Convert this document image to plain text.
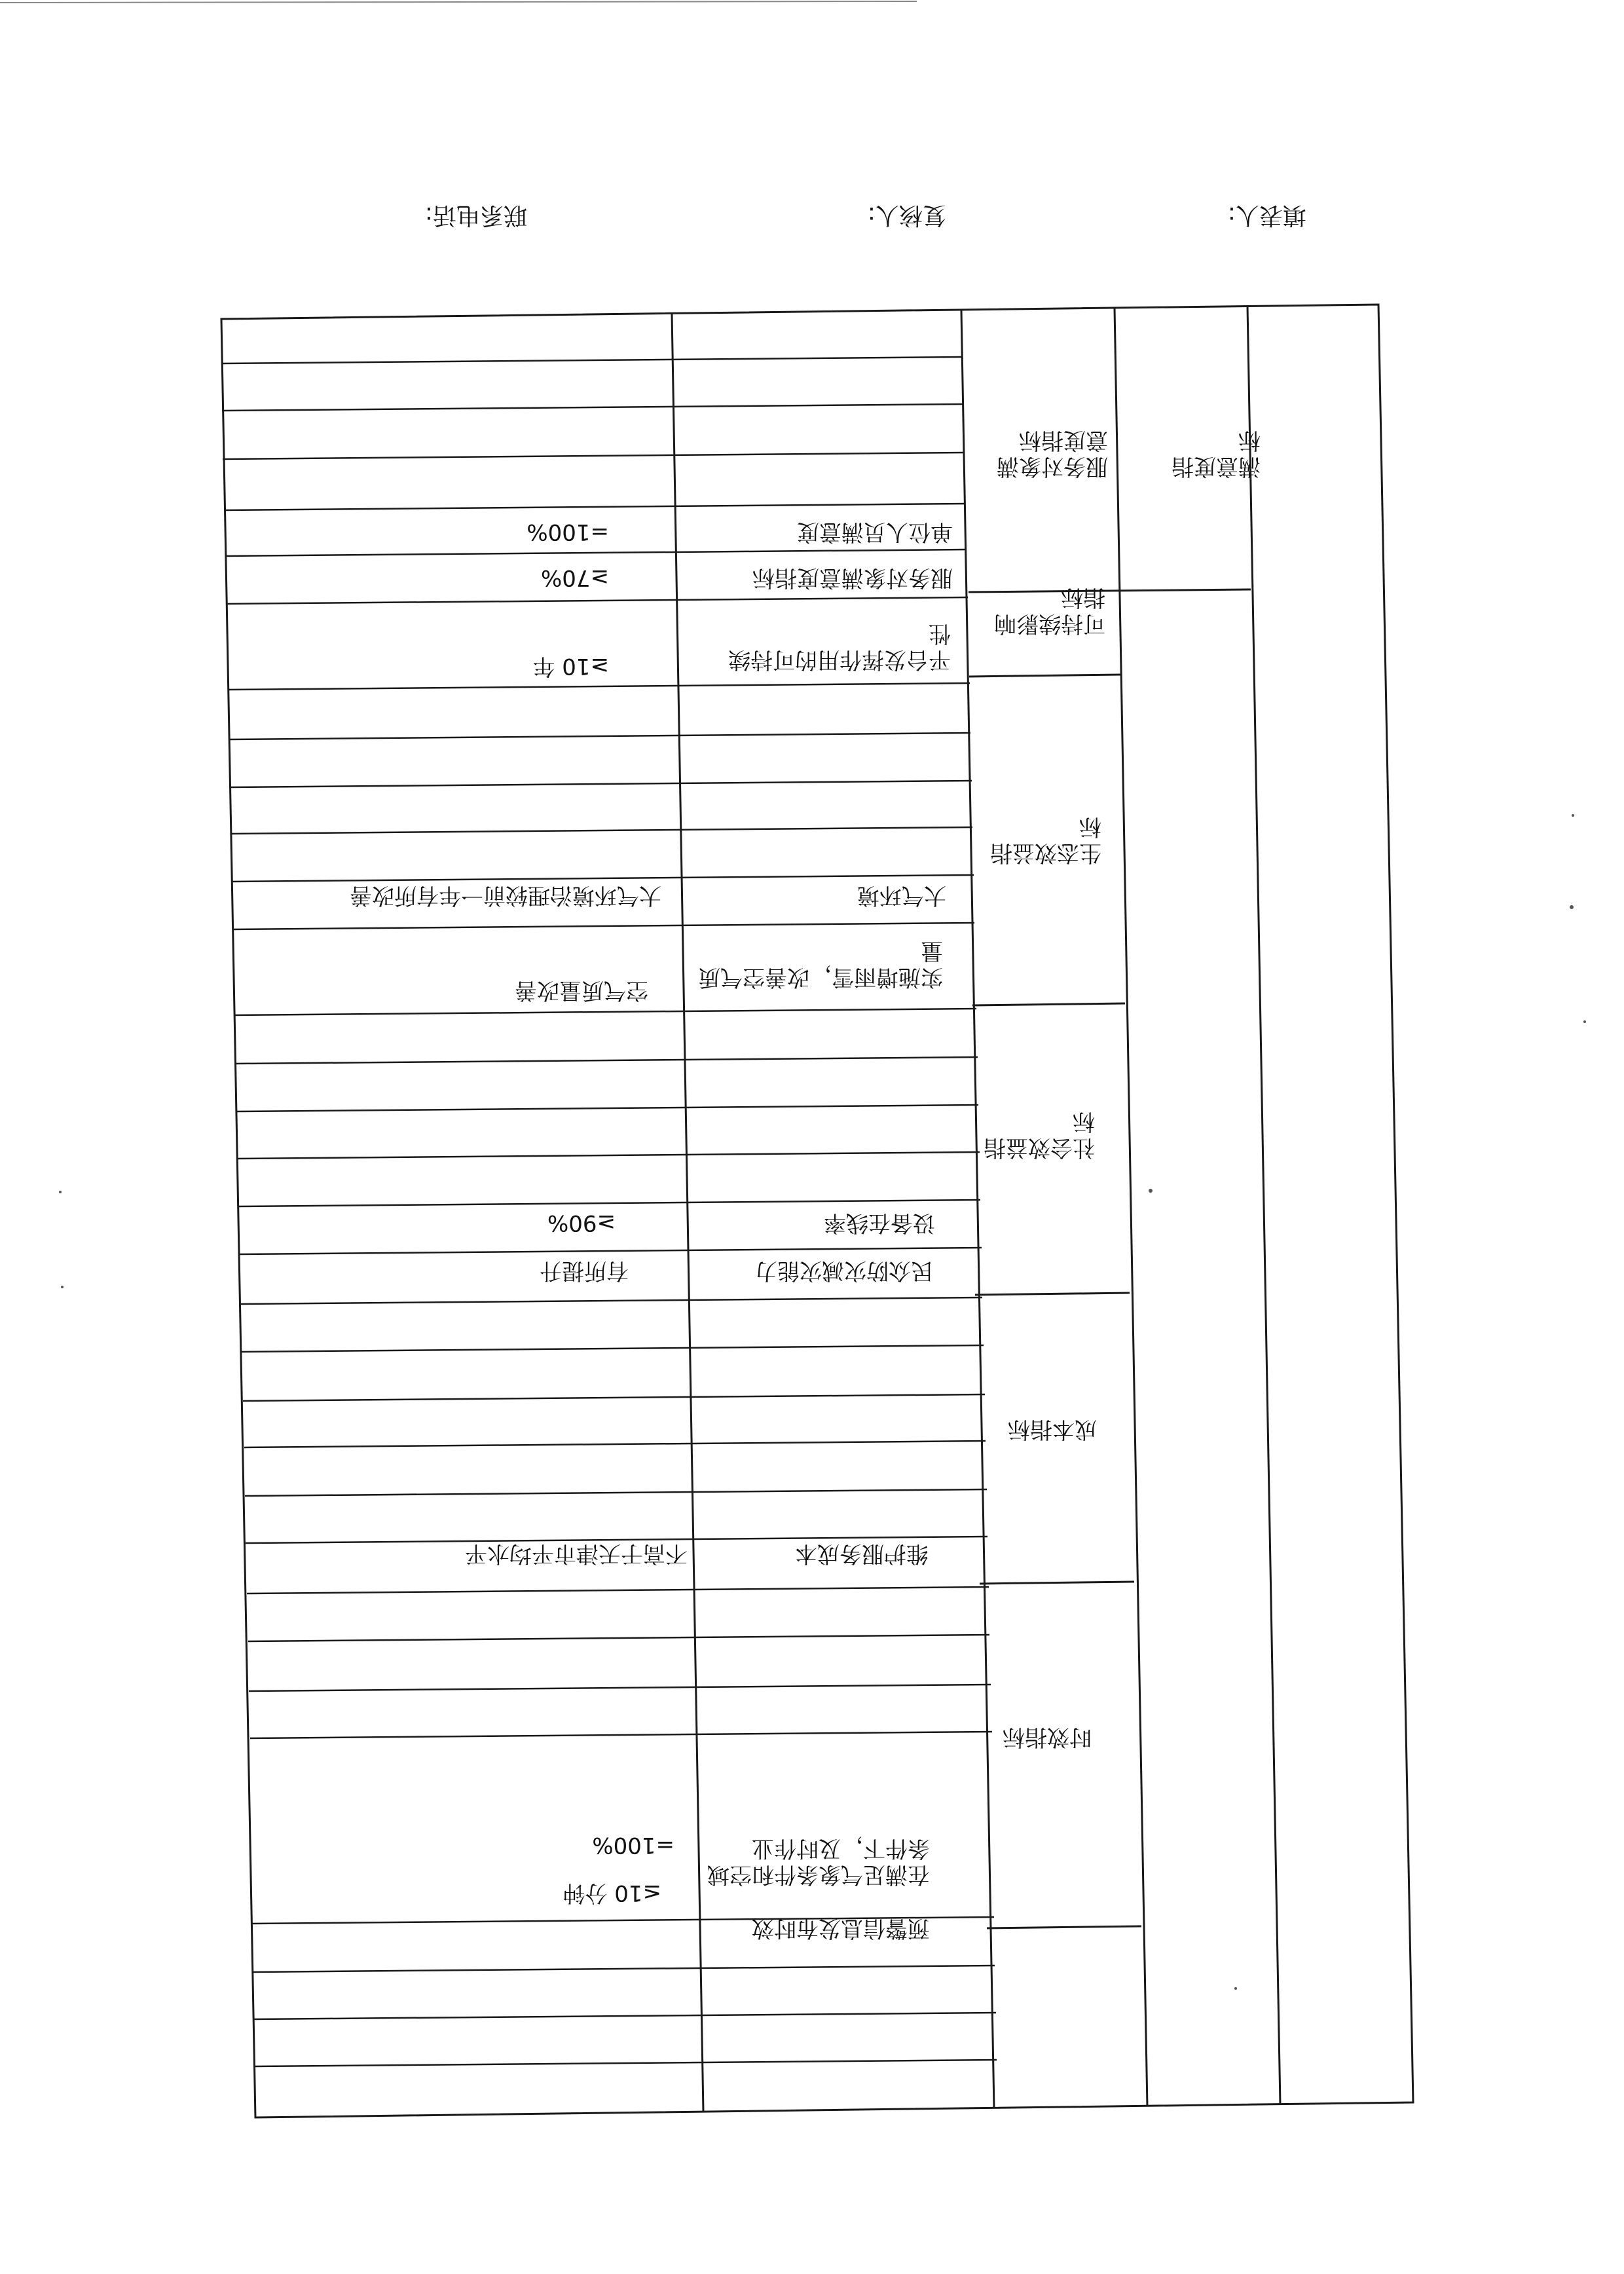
填表人:
复核人:
联系电话:
满意度指
标
服务对象满
意度指标
可持续影响
指标
生态效益指
标
社会效益指
标
成本指标
时效指标
单位人员满意度
服务对象满意度指标
平台发挥作用的可持续
性
大气环境
实施增雨雪，改善空气质
量
设备在线率
民众防灾减灾能力
维护服务成本
在满足气象条件和空域
条件下，及时作业
预警信息发布时效
=100%
≥70%
≥10 年
大气环境治理较前一年有所改善
空气质量改善
≥90%
有所提升
不高于天津市平均水平
=100%
≤10 分钟
